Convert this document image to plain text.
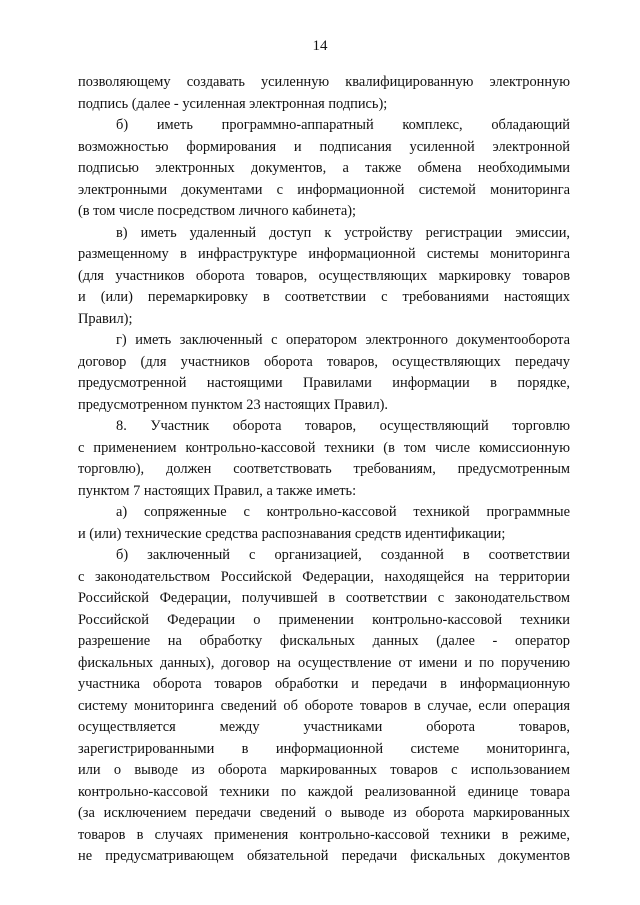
14
позволяющему создавать усиленную квалифицированную электронную
подпись (далее - усиленная электронная подпись);
б) иметь программно-аппаратный комплекс, обладающий
возможностью формирования и подписания усиленной электронной
подписью электронных документов, а также обмена необходимыми
электронными документами с информационной системой мониторинга
(в том числе посредством личного кабинета);
в) иметь удаленный доступ к устройству регистрации эмиссии,
размещенному в инфраструктуре информационной системы мониторинга
(для участников оборота товаров, осуществляющих маркировку товаров
и (или) перемаркировку в соответствии с требованиями настоящих
Правил);
г) иметь заключенный с оператором электронного документооборота
договор (для участников оборота товаров, осуществляющих передачу
предусмотренной настоящими Правилами информации в порядке,
предусмотренном пунктом 23 настоящих Правил).
8. Участник оборота товаров, осуществляющий торговлю
с применением контрольно-кассовой техники (в том числе комиссионную
торговлю), должен соответствовать требованиям, предусмотренным
пунктом 7 настоящих Правил, а также иметь:
а) сопряженные с контрольно-кассовой техникой программные
и (или) технические средства распознавания средств идентификации;
б) заключенный с организацией, созданной в соответствии
с законодательством Российской Федерации, находящейся на территории
Российской Федерации, получившей в соответствии с законодательством
Российской Федерации о применении контрольно-кассовой техники
разрешение на обработку фискальных данных (далее - оператор
фискальных данных), договор на осуществление от имени и по поручению
участника оборота товаров обработки и передачи в информационную
систему мониторинга сведений об обороте товаров в случае, если операция
осуществляется между участниками оборота товаров,
зарегистрированными в информационной системе мониторинга,
или о выводе из оборота маркированных товаров с использованием
контрольно-кассовой техники по каждой реализованной единице товара
(за исключением передачи сведений о выводе из оборота маркированных
товаров в случаях применения контрольно-кассовой техники в режиме,
не предусматривающем обязательной передачи фискальных документов
